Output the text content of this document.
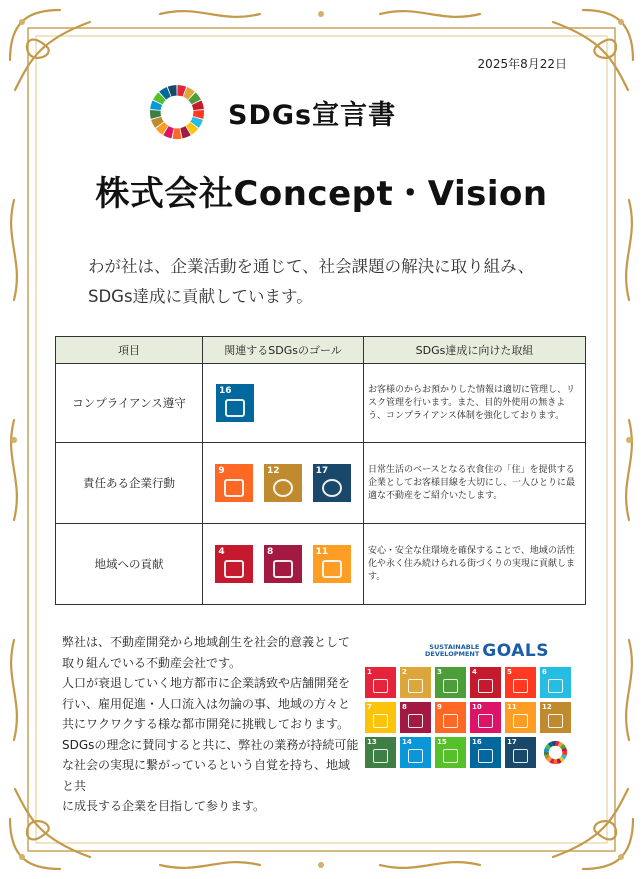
2025年8月22日
SDGs宣言書
株式会社Concept・Vision

わが社は、企業活動を通じて、社会課題の解決に取り組み、

SDGs達成に貢献しています。

項目	関連するSDGsのゴール	SDGs達成に向けた取組
コンプライアンス遵守	16	お客様のからお預かりした情報は適切に管理し、リスク管理を行います。また、目的外使用の無きよう、コンプライアンス体制を強化しております。
責任ある企業行動	9 12 17	日常生活のベースとなる衣食住の「住」を提供する企業としてお客様目線を大切にし、一人ひとりに最適な不動産をご紹介いたします。
地域への貢献	4 8 11	安心・安全な住環境を確保することで、地域の活性化や永く住み続けられる街づくりの実現に貢献します。

弊社は、不動産開発から地域創生を社会的意義として

取り組んでいる不動産会社です。

人口が衰退していく地方都市に企業誘致や店舗開発を

行い、雇用促進・人口流入は勿論の事、地域の方々と

共にワクワクする様な都市開発に挑戦しております。

SDGsの理念に賛同すると共に、弊社の業務が持続可能

な社会の実現に繋がっているという自覚を持ち、地域と共

に成長する企業を目指して参ります。

SUSTAINABLE
DEVELOPMENT GOALS
1	2	3	4	5	6
7	8	9	10	11	12
13	14	15	16	17
